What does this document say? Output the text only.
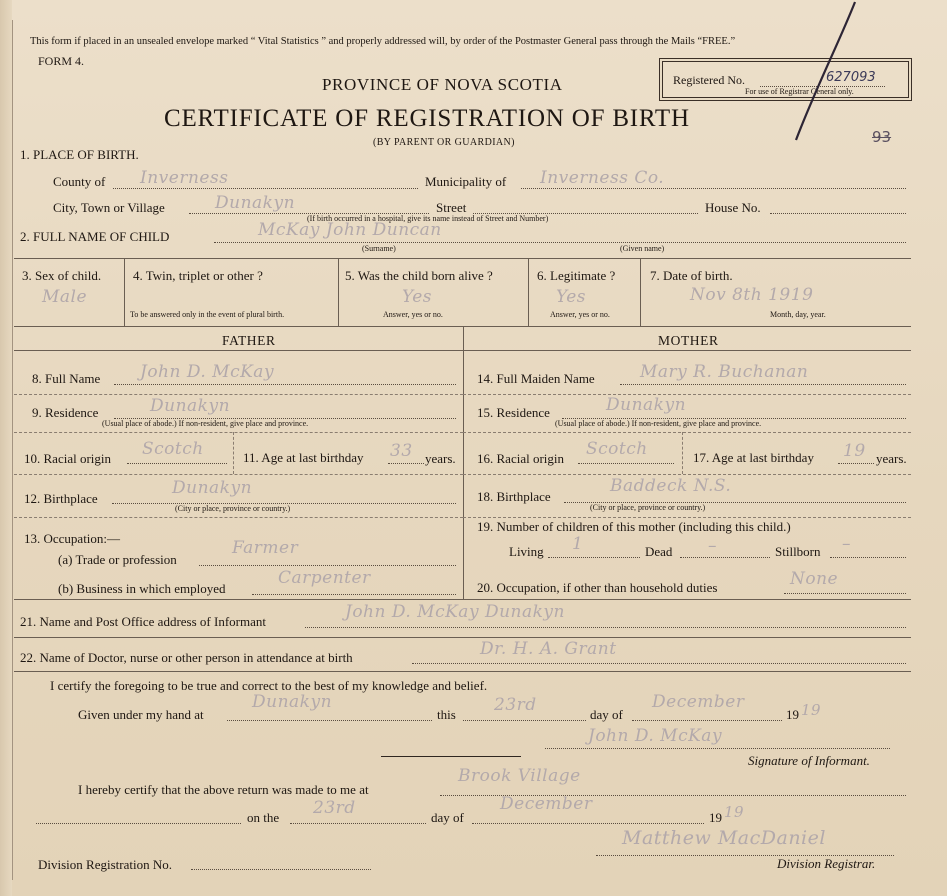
This form if placed in an unsealed envelope marked “ Vital Statistics ” and properly addressed will, by order of the Postmaster General pass through the Mails “FREE.”
FORM 4.
PROVINCE OF NOVA SCOTIA
CERTIFICATE OF REGISTRATION OF BIRTH
(BY PARENT OR GUARDIAN)
Registered No.	627093
For use of Registrar General only.
93
1. PLACE OF BIRTH.
County of Inverness	Municipality of Inverness Co.
City, Town or Village	Dunakyn	Street	House No.
(If birth occurred in a hospital, give its name instead of Street and Number)
2. FULL NAME OF CHILD	McKay John Duncan
(Surname)	(Given name)
3. Sex of child.
Male
4. Twin, triplet or other ?
To be answered only in the event of plural birth.
5. Was the child born alive ?
Yes
Answer, yes or no.
6. Legitimate ?
Yes
Answer, yes or no.
7. Date of birth.
Nov 8th 1919
Month, day, year.
FATHER	MOTHER
8. Full Name John D. McKay
9. Residence	Dunakyn
(Usual place of abode.) If non-resident, give place and province.
10. Racial origin Scotch	11. Age at last birthday 33 years.
12. Birthplace
Dunakyn
(City or place, province or country.)
13. Occupation:—
(a) Trade or profession
Farmer
(b) Business in which employed
Carpenter
14. Full Maiden Name	Mary R. Buchanan
15. Residence	Dunakyn
(Usual place of abode.) If non-resident, give place and province.
16. Racial origin Scotch	17. Age at last birthday 19 years.
18. Birthplace
Baddeck N.S.
(City or place, province or country.)
19. Number of children of this mother (including this child.)
Living 1	Dead –	Stillborn –
20. Occupation, if other than household duties	None
21. Name and Post Office address of Informant	John D. McKay Dunakyn
22. Name of Doctor, nurse or other person in attendance at birth	Dr. H. A. Grant
I certify the foregoing to be true and correct to the best of my knowledge and belief.
Given under my hand at
Dunakyn
this 23rd	day of
December
19 19
John D. McKay
Signature of Informant.
I hereby certify that the above return was made to me at
Brook Village
on the 23rd	day of
December
19 19
Division Registration No.
Matthew MacDaniel
Division Registrar.
